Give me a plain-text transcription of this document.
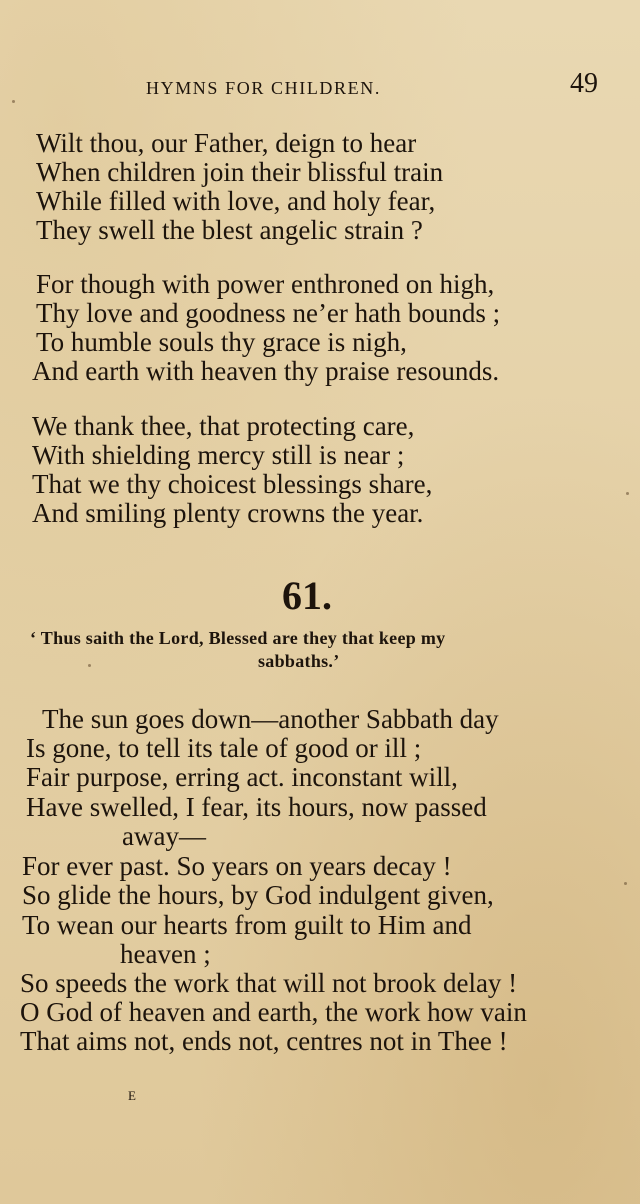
HYMNS FOR CHILDREN.	49
Wilt thou, our Father, deign to hear
When children join their blissful train
While filled with love, and holy fear,
They swell the blest angelic strain ?
For though with power enthroned on high,
Thy love and goodness ne’er hath bounds ;
To humble souls thy grace is nigh,
And earth with heaven thy praise resounds.
We thank thee, that protecting care,
With shielding mercy still is near ;
That we thy choicest blessings share,
And smiling plenty crowns the year.
61.
‘ Thus saith the Lord, Blessed are they that keep my
sabbaths.’
The sun goes down—another Sabbath day
Is gone, to tell its tale of good or ill ;
Fair purpose, erring act. inconstant will,
Have swelled, I fear, its hours, now passed
away—
For ever past. So years on years decay !
So glide the hours, by God indulgent given,
To wean our hearts from guilt to Him and
heaven ;
So speeds the work that will not brook delay !
O God of heaven and earth, the work how vain
That aims not, ends not, centres not in Thee !
E
